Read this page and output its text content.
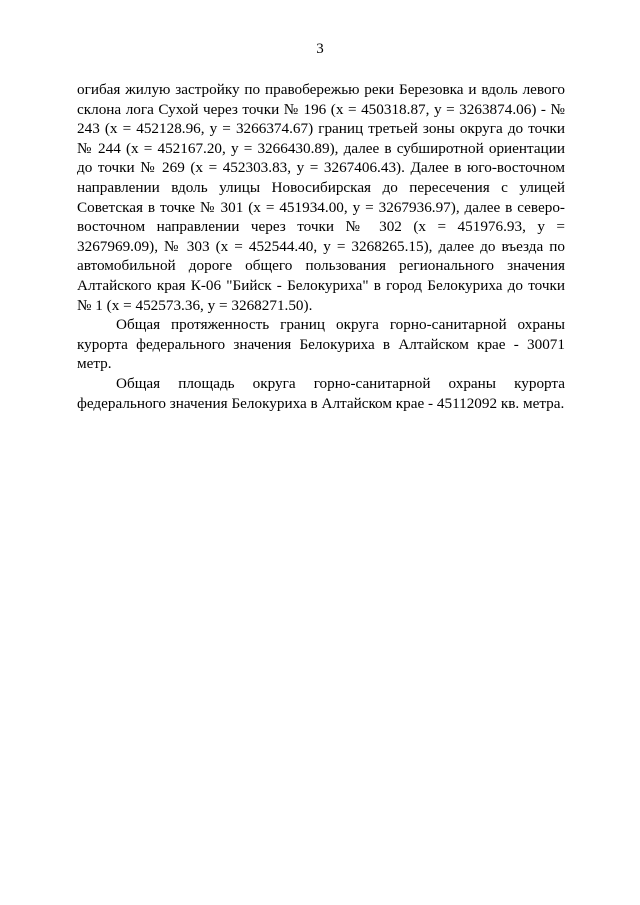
3

огибая жилую застройку по правобережью реки Березовка и вдоль левого склона лога Сухой через точки № 196 (x = 450318.87, y = 3263874.06) - № 243 (x = 452128.96, y = 3266374.67) границ третьей зоны округа до точки № 244 (x = 452167.20, y = 3266430.89), далее в субширотной ориентации до точки № 269 (x = 452303.83, y = 3267406.43). Далее в юго-восточном направлении вдоль улицы Новосибирская до пересечения с улицей Советская в точке № 301 (x = 451934.00, y = 3267936.97), далее в северо-восточном направлении через точки № 302 (x = 451976.93, y = 3267969.09), № 303 (x = 452544.40, y = 3268265.15), далее до въезда по автомобильной дороге общего пользования регионального значения Алтайского края К-06 "Бийск - Белокуриха" в город Белокуриха до точки № 1 (x = 452573.36, y = 3268271.50).

Общая протяженность границ округа горно-санитарной охраны курорта федерального значения Белокуриха в Алтайском крае - 30071 метр.

Общая площадь округа горно-санитарной охраны курорта федерального значения Белокуриха в Алтайском крае - 45112092 кв. метра.
